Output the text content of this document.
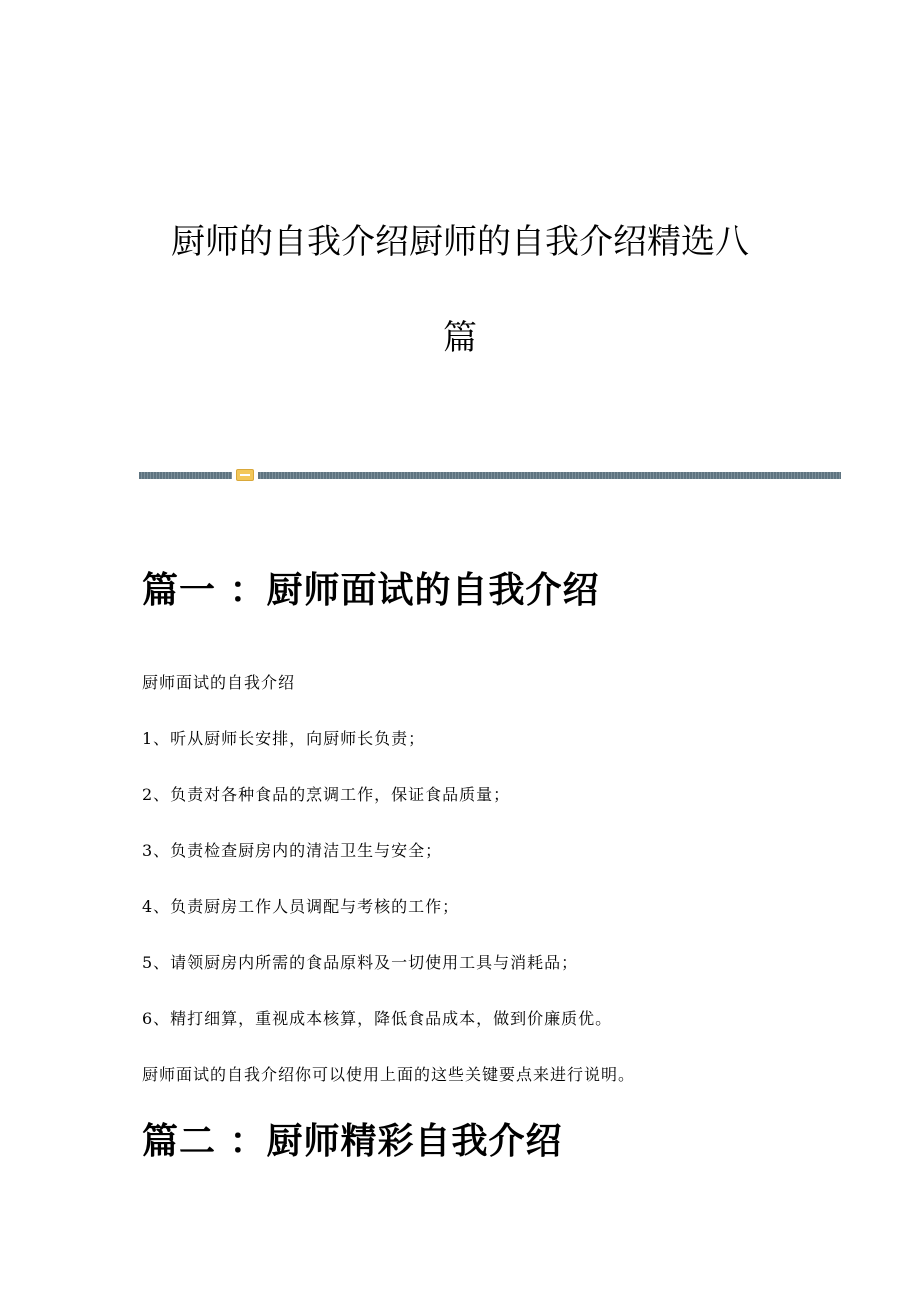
厨师的自我介绍厨师的自我介绍精选八
篇
篇一 ：厨师面试的自我介绍

厨师面试的自我介绍

1、听从厨师长安排，向厨师长负责；

2、负责对各种食品的烹调工作，保证食品质量；

3、负责检查厨房内的清洁卫生与安全；

4、负责厨房工作人员调配与考核的工作；

5、请领厨房内所需的食品原料及一切使用工具与消耗品；

6、精打细算，重视成本核算，降低食品成本，做到价廉质优。

厨师面试的自我介绍你可以使用上面的这些关键要点来进行说明。

篇二 ：厨师精彩自我介绍
